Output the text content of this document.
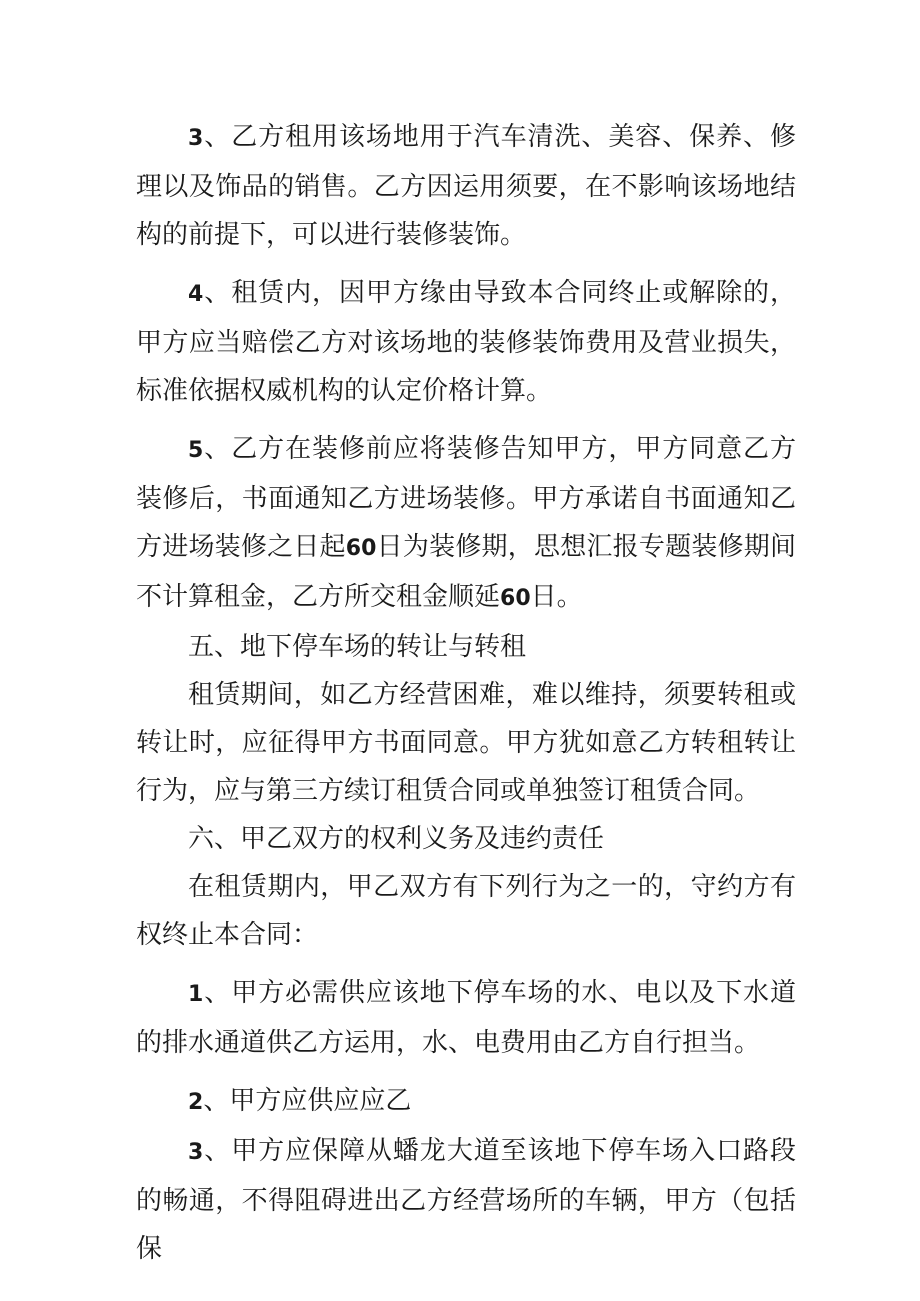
3、乙方租用该场地用于汽车清洗、美容、保养、修理以及饰品的销售。乙方因运用须要，在不影响该场地结构的前提下，可以进行装修装饰。

4、租赁内，因甲方缘由导致本合同终止或解除的，甲方应当赔偿乙方对该场地的装修装饰费用及营业损失，标准依据权威机构的认定价格计算。

5、乙方在装修前应将装修告知甲方，甲方同意乙方装修后，书面通知乙方进场装修。甲方承诺自书面通知乙方进场装修之日起60日为装修期，思想汇报专题装修期间不计算租金，乙方所交租金顺延60日。

五、地下停车场的转让与转租

租赁期间，如乙方经营困难，难以维持，须要转租或转让时，应征得甲方书面同意。甲方犹如意乙方转租转让行为，应与第三方续订租赁合同或单独签订租赁合同。

六、甲乙双方的权利义务及违约责任

在租赁期内，甲乙双方有下列行为之一的，守约方有权终止本合同：

1、甲方必需供应该地下停车场的水、电以及下水道的排水通道供乙方运用，水、电费用由乙方自行担当。

2、甲方应供应应乙

3、甲方应保障从蟠龙大道至该地下停车场入口路段的畅通，不得阻碍进出乙方经营场所的车辆，甲方（包括保
